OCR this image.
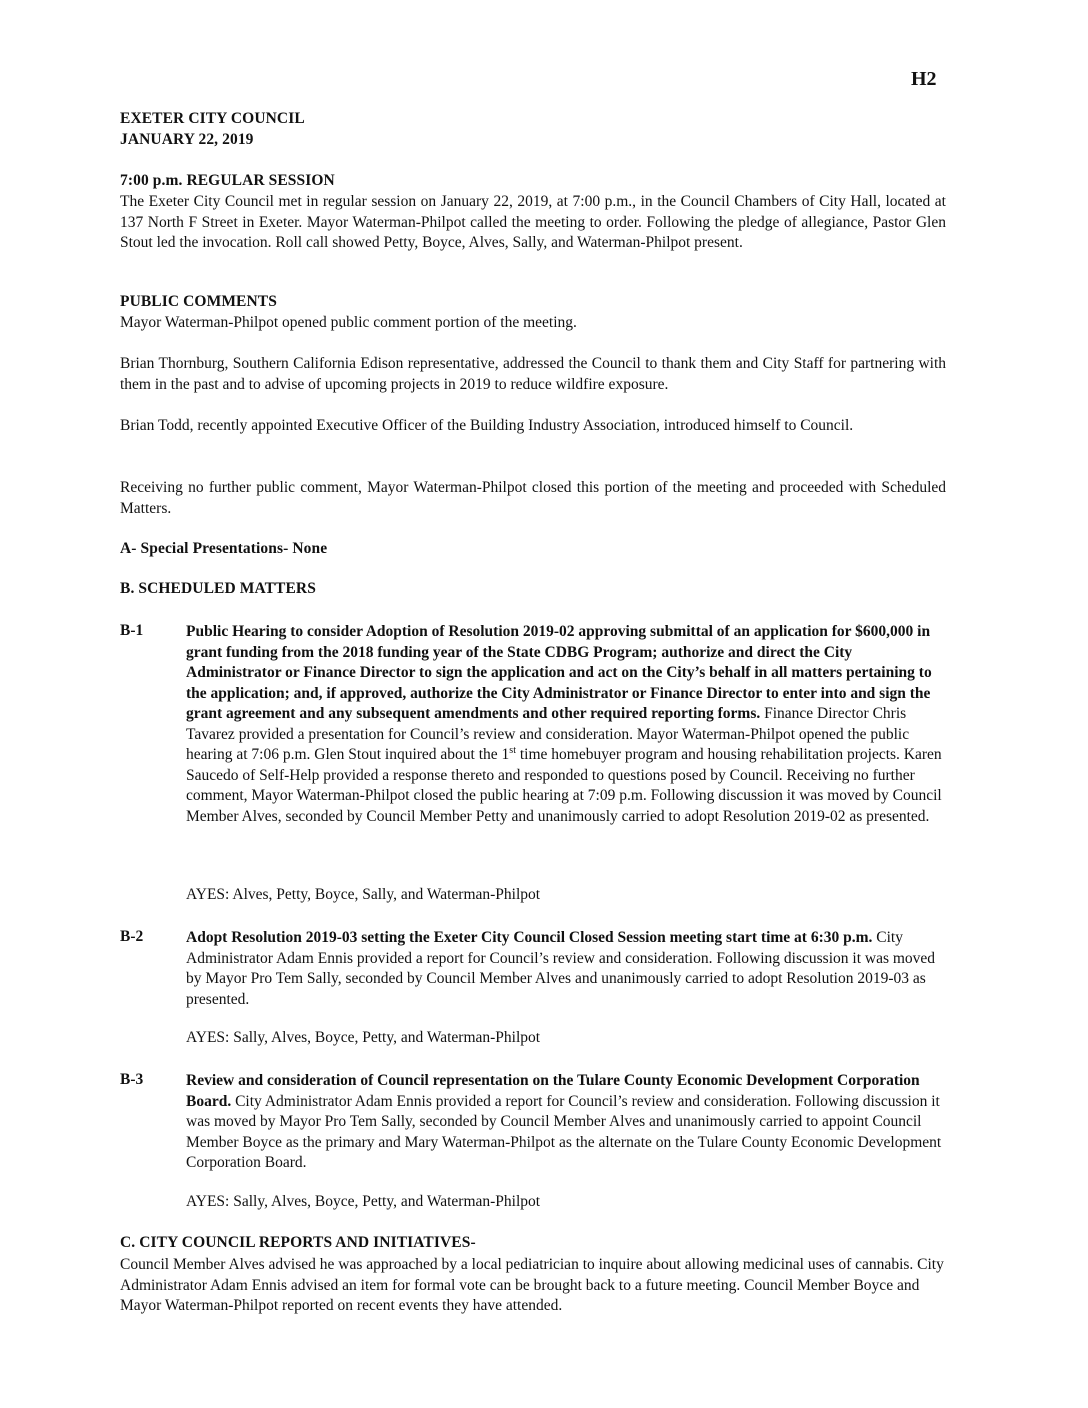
H2
EXETER CITY COUNCIL
JANUARY 22, 2019
7:00 p.m. REGULAR SESSION
The Exeter City Council met in regular session on January 22, 2019, at 7:00 p.m., in the Council Chambers of City Hall, located at 137 North F Street in Exeter. Mayor Waterman-Philpot called the meeting to order. Following the pledge of allegiance, Pastor Glen Stout led the invocation. Roll call showed Petty, Boyce, Alves, Sally, and Waterman-Philpot present.
PUBLIC COMMENTS
Mayor Waterman-Philpot opened public comment portion of the meeting.
Brian Thornburg, Southern California Edison representative, addressed the Council to thank them and City Staff for partnering with them in the past and to advise of upcoming projects in 2019 to reduce wildfire exposure.
Brian Todd, recently appointed Executive Officer of the Building Industry Association, introduced himself to Council.
Receiving no further public comment, Mayor Waterman-Philpot closed this portion of the meeting and proceeded with Scheduled Matters.
A- Special Presentations- None
B. SCHEDULED MATTERS
B-1	Public Hearing to consider Adoption of Resolution 2019-02 approving submittal of an application for $600,000 in grant funding from the 2018 funding year of the State CDBG Program; authorize and direct the City Administrator or Finance Director to sign the application and act on the City’s behalf in all matters pertaining to the application; and, if approved, authorize the City Administrator or Finance Director to enter into and sign the grant agreement and any subsequent amendments and other required reporting forms. Finance Director Chris Tavarez provided a presentation for Council’s review and consideration. Mayor Waterman-Philpot opened the public hearing at 7:06 p.m. Glen Stout inquired about the 1st time homebuyer program and housing rehabilitation projects. Karen Saucedo of Self-Help provided a response thereto and responded to questions posed by Council. Receiving no further comment, Mayor Waterman-Philpot closed the public hearing at 7:09 p.m. Following discussion it was moved by Council Member Alves, seconded by Council Member Petty and unanimously carried to adopt Resolution 2019-02 as presented.
AYES: Alves, Petty, Boyce, Sally, and Waterman-Philpot
B-2	Adopt Resolution 2019-03 setting the Exeter City Council Closed Session meeting start time at 6:30 p.m. City Administrator Adam Ennis provided a report for Council’s review and consideration. Following discussion it was moved by Mayor Pro Tem Sally, seconded by Council Member Alves and unanimously carried to adopt Resolution 2019-03 as presented.
AYES: Sally, Alves, Boyce, Petty, and Waterman-Philpot
B-3	Review and consideration of Council representation on the Tulare County Economic Development Corporation Board. City Administrator Adam Ennis provided a report for Council’s review and consideration. Following discussion it was moved by Mayor Pro Tem Sally, seconded by Council Member Alves and unanimously carried to appoint Council Member Boyce as the primary and Mary Waterman-Philpot as the alternate on the Tulare County Economic Development Corporation Board.
AYES: Sally, Alves, Boyce, Petty, and Waterman-Philpot
C. CITY COUNCIL REPORTS AND INITIATIVES-
Council Member Alves advised he was approached by a local pediatrician to inquire about allowing medicinal uses of cannabis. City Administrator Adam Ennis advised an item for formal vote can be brought back to a future meeting. Council Member Boyce and Mayor Waterman-Philpot reported on recent events they have attended.
